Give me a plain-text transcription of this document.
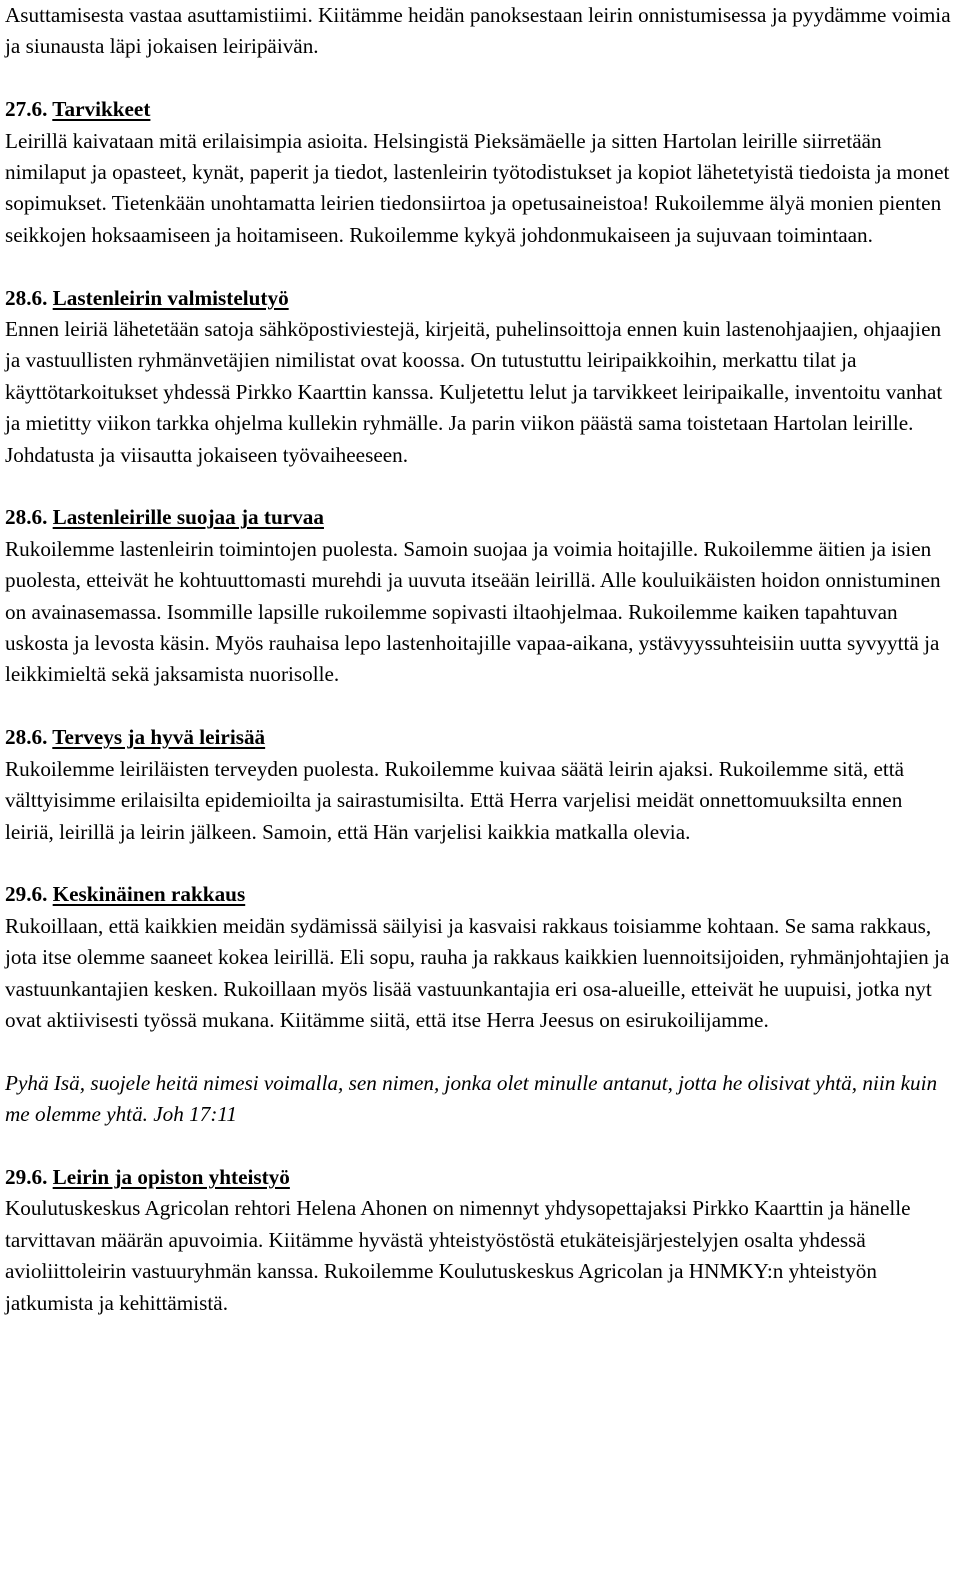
Asuttamisesta vastaa asuttamistiimi. Kiitämme heidän panoksestaan leirin onnistumisessa ja pyydämme voimia ja siunausta läpi jokaisen leiripäivän.
27.6. Tarvikkeet
Leirillä kaivataan mitä erilaisimpia asioita. Helsingistä Pieksämäelle ja sitten Hartolan leirille siirretään nimilaput ja opasteet, kynät, paperit ja tiedot, lastenleirin työtodistukset ja kopiot lähetetyistä tiedoista ja monet sopimukset. Tietenkään unohtamatta leirien tiedonsiirtoa ja opetusaineistoa! Rukoilemme älyä monien pienten seikkojen hoksaamiseen ja hoitamiseen. Rukoilemme kykyä johdonmukaiseen ja sujuvaan toimintaan.
28.6. Lastenleirin valmistelutyö
Ennen leiriä lähetetään satoja sähköpostiviestejä, kirjeitä, puhelinsoittoja ennen kuin lastenohjaajien, ohjaajien ja vastuullisten ryhmänvetäjien nimilistat ovat koossa. On tutustuttu leiripaikkoihin, merkattu tilat ja käyttötarkoitukset yhdessä Pirkko Kaarttin kanssa. Kuljetettu lelut ja tarvikkeet leiripaikalle, inventoitu vanhat ja mietitty viikon tarkka ohjelma kullekin ryhmälle. Ja parin viikon päästä sama toistetaan Hartolan leirille. Johdatusta ja viisautta jokaiseen työvaiheeseen.
28.6. Lastenleirille suojaa ja turvaa
Rukoilemme lastenleirin toimintojen puolesta. Samoin suojaa ja voimia hoitajille. Rukoilemme äitien ja isien puolesta, etteivät he kohtuuttomasti murehdi ja uuvuta itseään leirillä. Alle kouluikäisten hoidon onnistuminen on avainasemassa. Isommille lapsille rukoilemme sopivasti iltaohjelmaa. Rukoilemme kaiken tapahtuvan uskosta ja levosta käsin. Myös rauhaisa lepo lastenhoitajille vapaa-aikana, ystävyyssuhteisiin uutta syvyyttä ja leikkimieltä sekä jaksamista nuorisolle.
28.6. Terveys ja hyvä leirisää
Rukoilemme leiriläisten terveyden puolesta. Rukoilemme kuivaa säätä leirin ajaksi. Rukoilemme sitä, että välttyisimme erilaisilta epidemioilta ja sairastumisilta. Että Herra varjelisi meidät onnettomuuksilta ennen leiriä, leirillä ja leirin jälkeen. Samoin, että Hän varjelisi kaikkia matkalla olevia.
29.6. Keskinäinen rakkaus
Rukoillaan, että kaikkien meidän sydämissä säilyisi ja kasvaisi rakkaus toisiamme kohtaan. Se sama rakkaus, jota itse olemme saaneet kokea leirillä. Eli sopu, rauha ja rakkaus kaikkien luennoitsijoiden, ryhmänjohtajien ja vastuunkantajien kesken. Rukoillaan myös lisää vastuunkantajia eri osa-alueille, etteivät he uupuisi, jotka nyt ovat aktiivisesti työssä mukana. Kiitämme siitä, että itse Herra Jeesus on esirukoilijamme.
Pyhä Isä, suojele heitä nimesi voimalla, sen nimen, jonka olet minulle antanut, jotta he olisivat yhtä, niin kuin me olemme yhtä. Joh 17:11
29.6. Leirin ja opiston yhteistyö
Koulutuskeskus Agricolan rehtori Helena Ahonen on nimennyt yhdysopettajaksi Pirkko Kaarttin ja hänelle tarvittavan määrän apuvoimia. Kiitämme hyvästä yhteistyöstöstä etukäteisjärjestelyjen osalta yhdessä avioliittoleirin vastuuryhmän kanssa. Rukoilemme Koulutuskeskus Agricolan ja HNMKY:n yhteistyön jatkumista ja kehittämistä.
